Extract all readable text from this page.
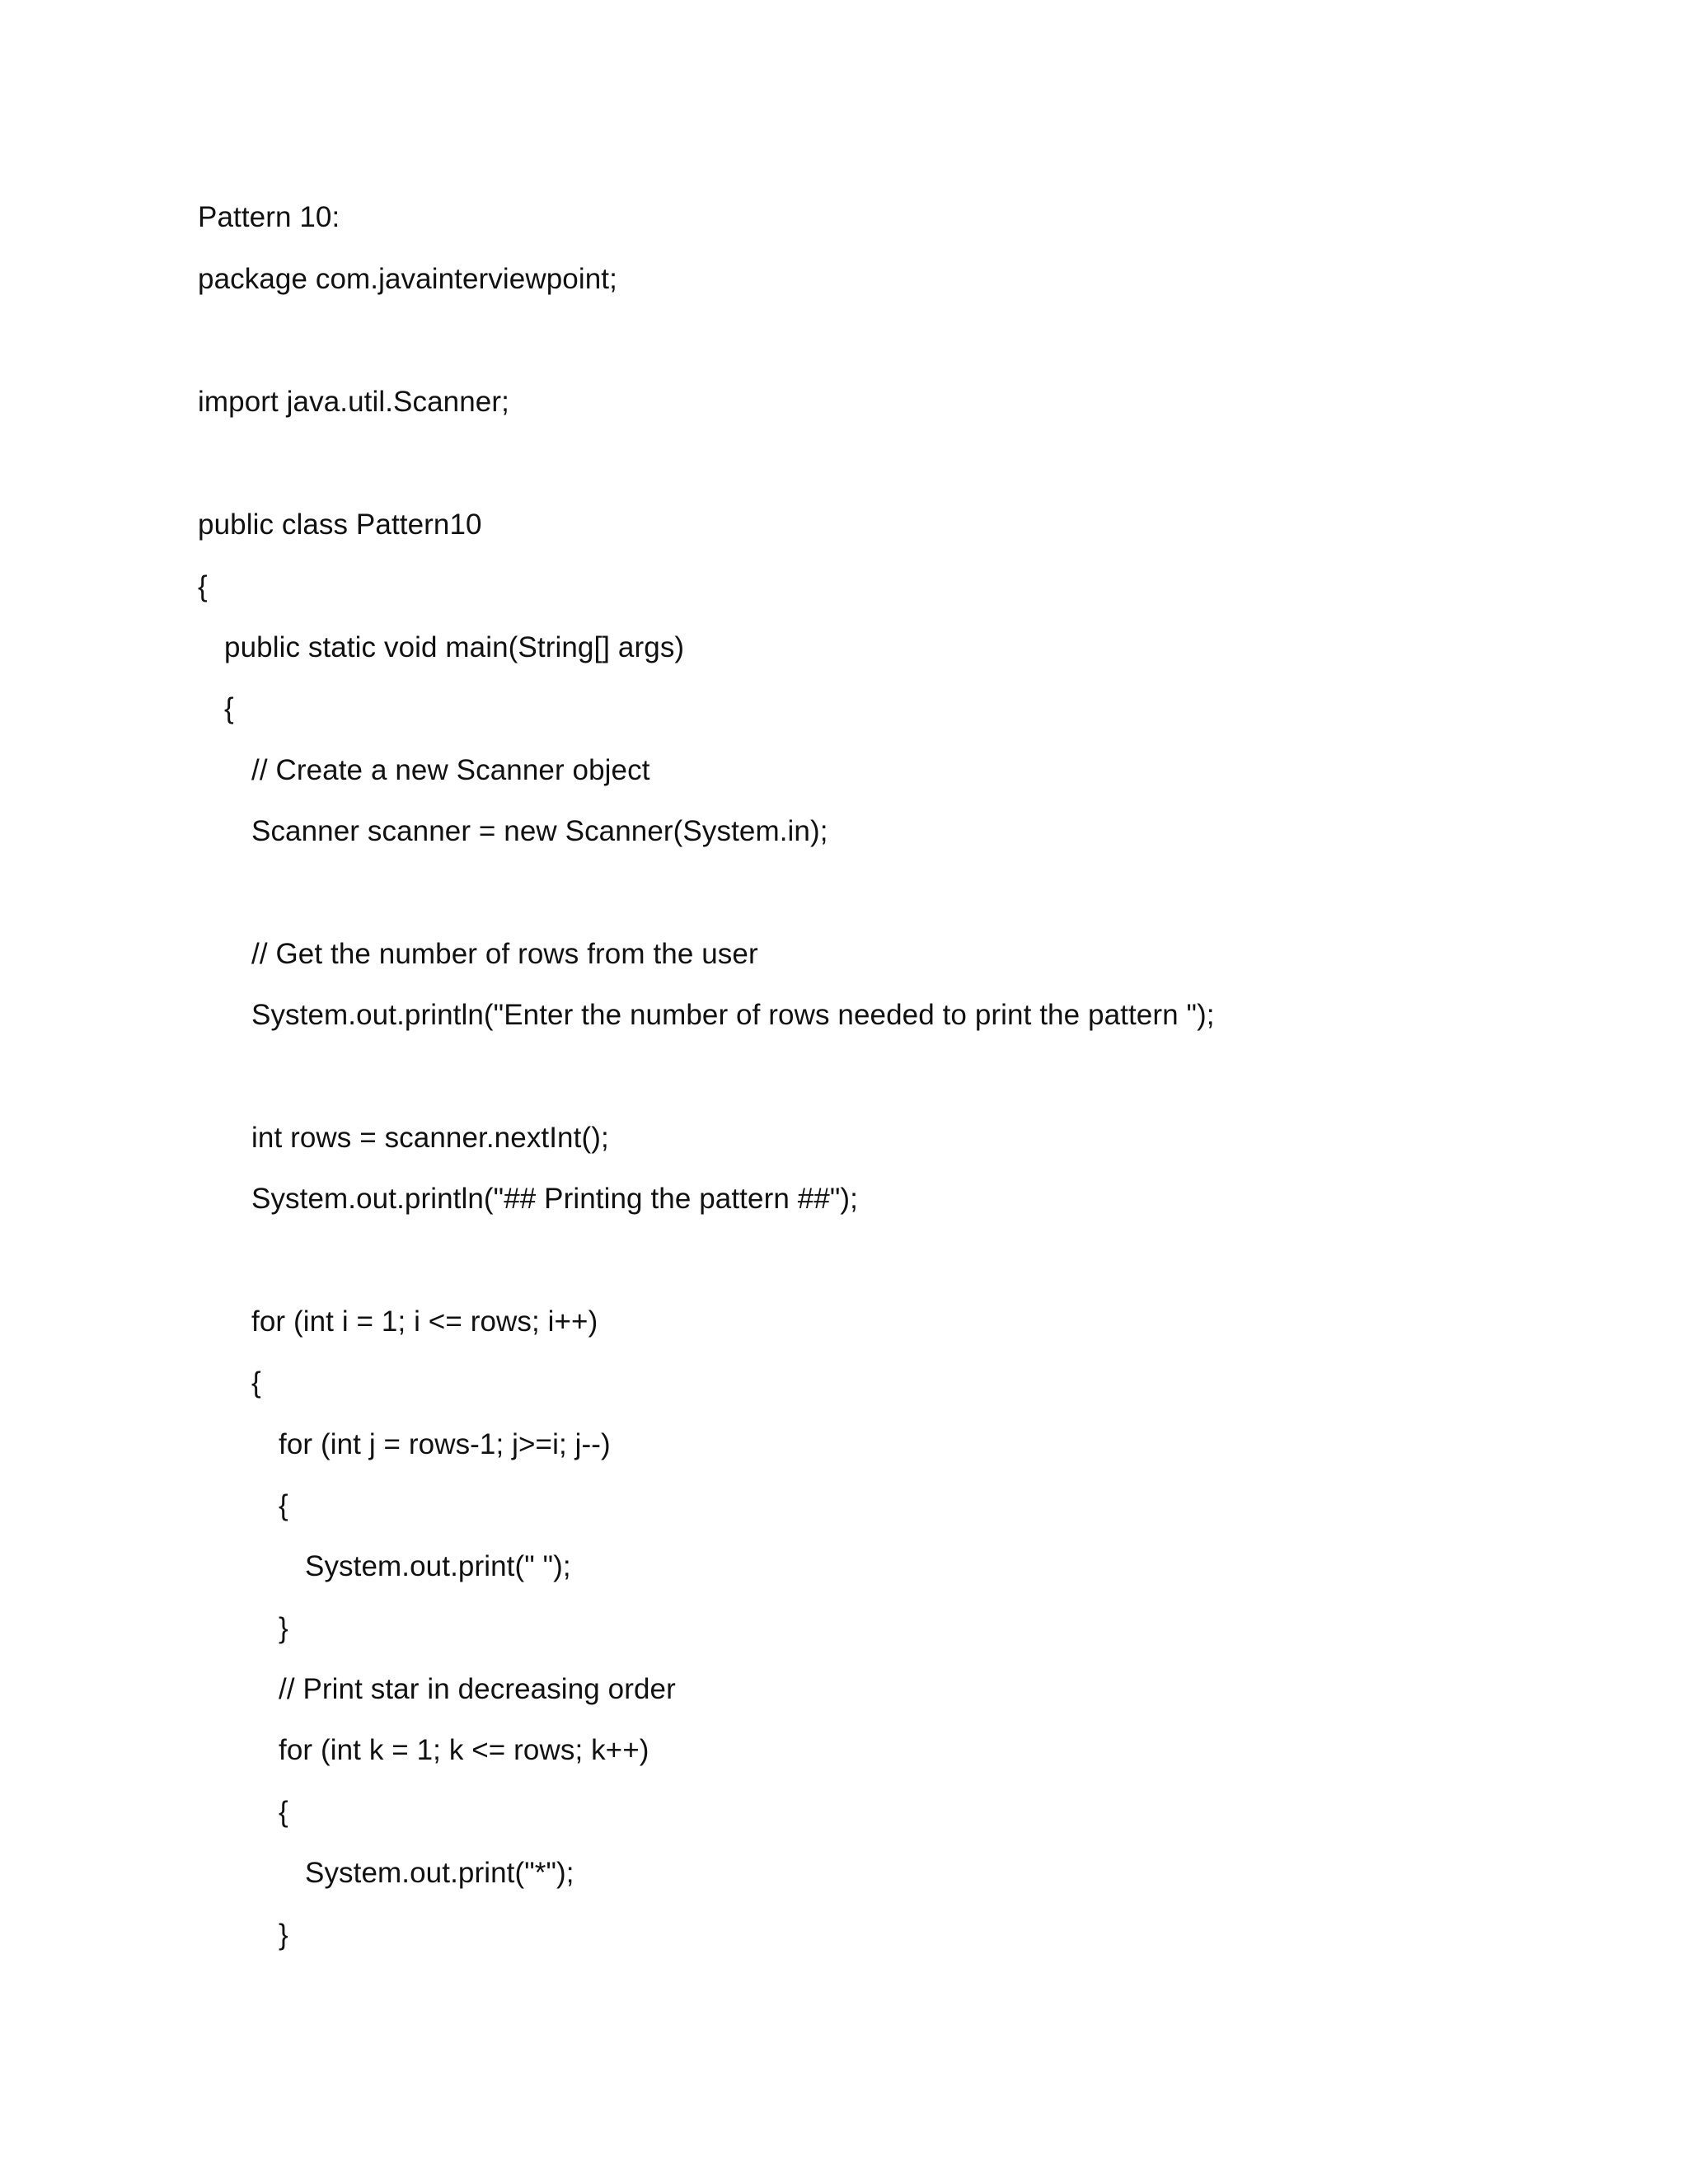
Pattern 10:
package com.javainterviewpoint;
import java.util.Scanner;
public class Pattern10
{
public static void main(String[] args)
{
// Create a new Scanner object
Scanner scanner = new Scanner(System.in);
// Get the number of rows from the user
System.out.println("Enter the number of rows needed to print the pattern ");
int rows = scanner.nextInt();
System.out.println("## Printing the pattern ##");
for (int i = 1; i <= rows; i++)
{
for (int j = rows-1; j>=i; j--)
{
System.out.print(" ");
}
// Print star in decreasing order
for (int k = 1; k <= rows; k++)
{
System.out.print("*");
}
